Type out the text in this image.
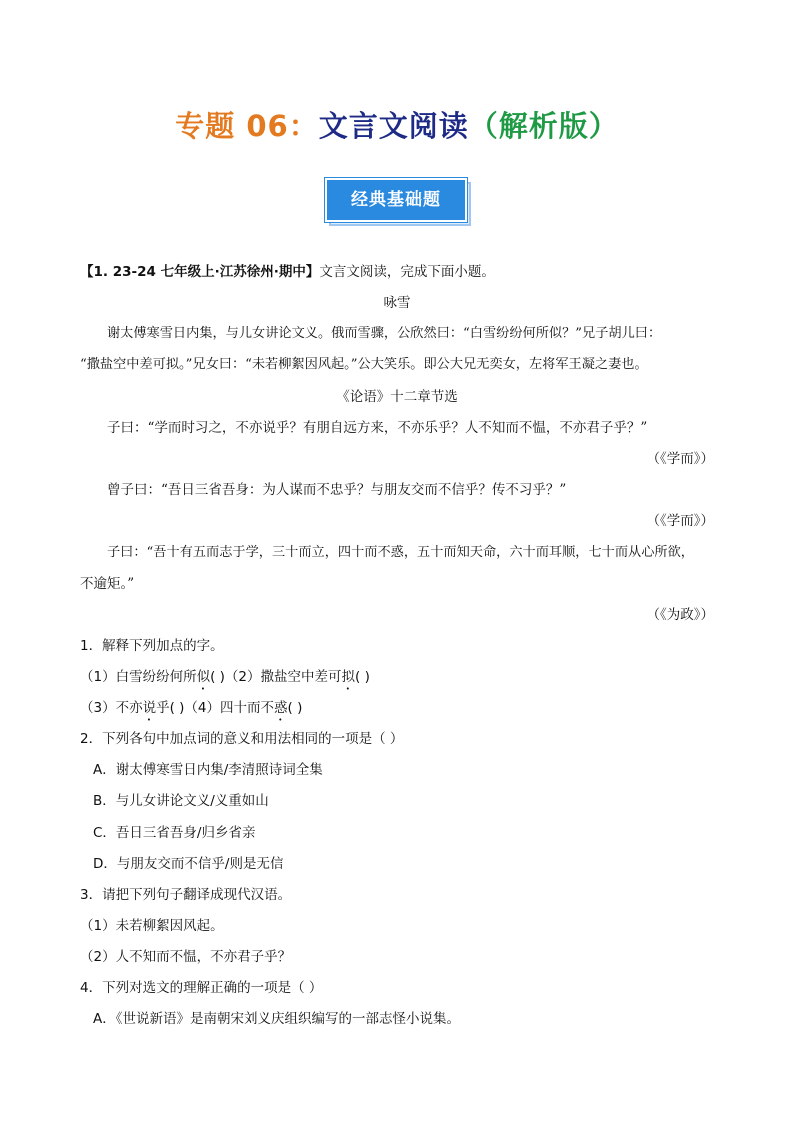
专题 06：文言文阅读（解析版）
经典基础题
【1. 23-24 七年级上·江苏徐州·期中】文言文阅读，完成下面小题。
咏雪
谢太傅寒雪日内集，与儿女讲论文义。俄而雪骤，公欣然曰：“白雪纷纷何所似？”兄子胡儿曰：
“撒盐空中差可拟。”兄女曰：“未若柳絮因风起。”公大笑乐。即公大兄无奕女，左将军王凝之妻也。
《论语》十二章节选
子曰：“学而时习之，不亦说乎？有朋自远方来，不亦乐乎？人不知而不愠，不亦君子乎？”
（《学而》）
曾子曰：“吾日三省吾身：为人谋而不忠乎？与朋友交而不信乎？传不习乎？”
（《学而》）
子曰：“吾十有五而志于学，三十而立，四十而不惑，五十而知天命，六十而耳顺，七十而从心所欲，
不逾矩。”
（《为政》）
1．解释下列加点的字。
（1）白雪纷纷何所似( )（2）撒盐空中差可拟( )
（3）不亦说乎( )（4）四十而不惑( )
2．下列各句中加点词的意义和用法相同的一项是（ ）
A．谢太傅寒雪日内集/李清照诗词全集
B．与儿女讲论文义/义重如山
C．吾日三省吾身/归乡省亲
D．与朋友交而不信乎/则是无信
3．请把下列句子翻译成现代汉语。
（1）未若柳絮因风起。
（2）人不知而不愠，不亦君子乎？
4．下列对选文的理解正确的一项是（ ）
A．《世说新语》是南朝宋刘义庆组织编写的一部志怪小说集。
